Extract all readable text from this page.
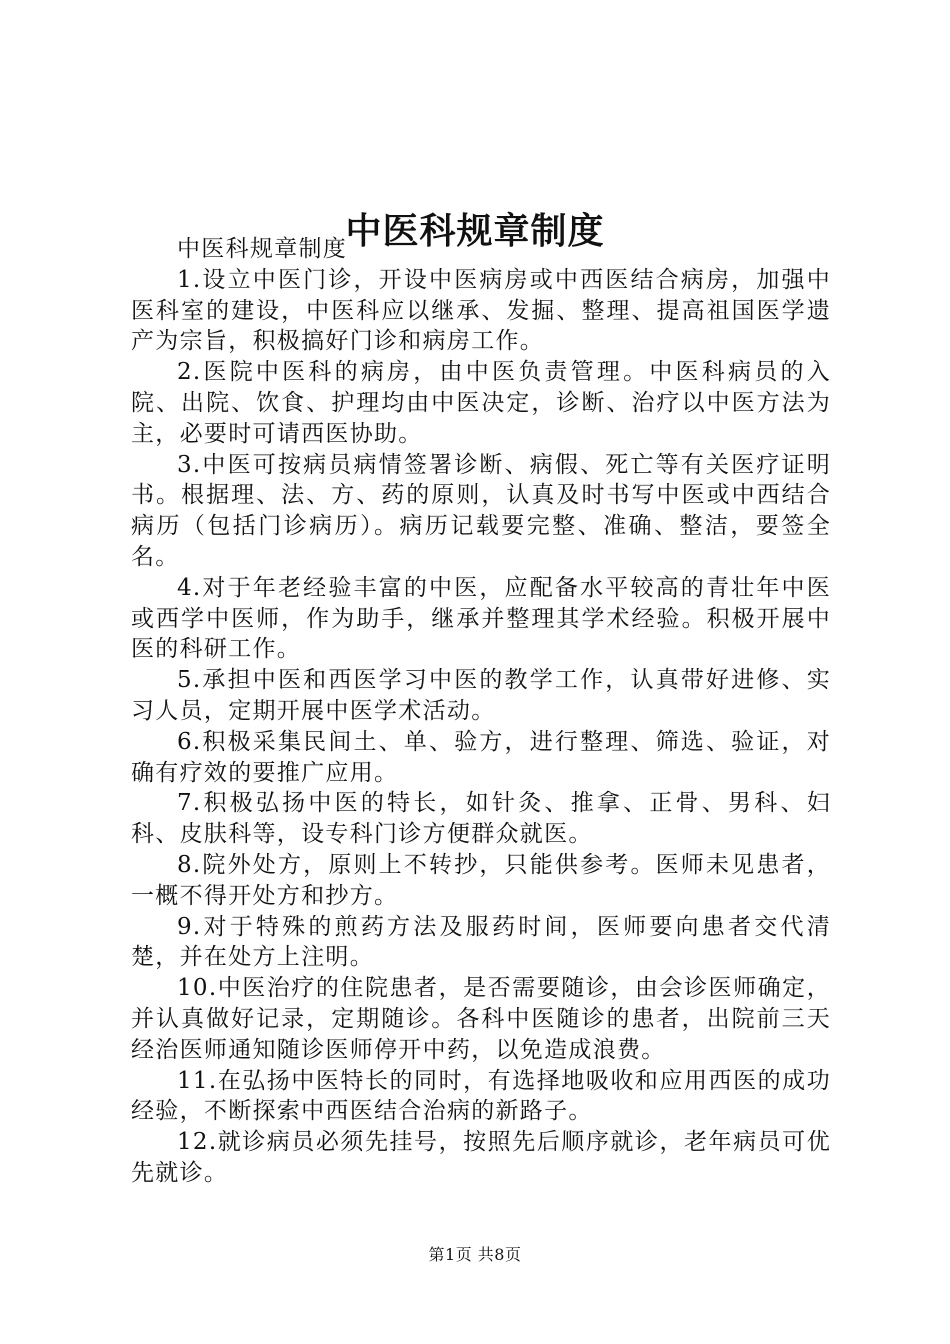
中医科规章制度

中医科规章制度

1.设立中医门诊，开设中医病房或中西医结合病房，加强中医科室的建设，中医科应以继承、发掘、整理、提高祖国医学遗产为宗旨，积极搞好门诊和病房工作。

2.医院中医科的病房，由中医负责管理。中医科病员的入院、出院、饮食、护理均由中医决定，诊断、治疗以中医方法为主，必要时可请西医协助。

3.中医可按病员病情签署诊断、病假、死亡等有关医疗证明书。根据理、法、方、药的原则，认真及时书写中医或中西结合病历（包括门诊病历）。病历记载要完整、准确、整洁，要签全名。

4.对于年老经验丰富的中医，应配备水平较高的青壮年中医或西学中医师，作为助手，继承并整理其学术经验。积极开展中医的科研工作。

5.承担中医和西医学习中医的教学工作，认真带好进修、实习人员，定期开展中医学术活动。

6.积极采集民间土、单、验方，进行整理、筛选、验证，对确有疗效的要推广应用。

7.积极弘扬中医的特长，如针灸、推拿、正骨、男科、妇科、皮肤科等，设专科门诊方便群众就医。

8.院外处方，原则上不转抄，只能供参考。医师未见患者，一概不得开处方和抄方。

9.对于特殊的煎药方法及服药时间，医师要向患者交代清楚，并在处方上注明。

10.中医治疗的住院患者，是否需要随诊，由会诊医师确定，并认真做好记录，定期随诊。各科中医随诊的患者，出院前三天经治医师通知随诊医师停开中药，以免造成浪费。

11.在弘扬中医特长的同时，有选择地吸收和应用西医的成功经验，不断探索中西医结合治病的新路子。

12.就诊病员必须先挂号，按照先后顺序就诊，老年病员可优先就诊。

第1页 共8页
